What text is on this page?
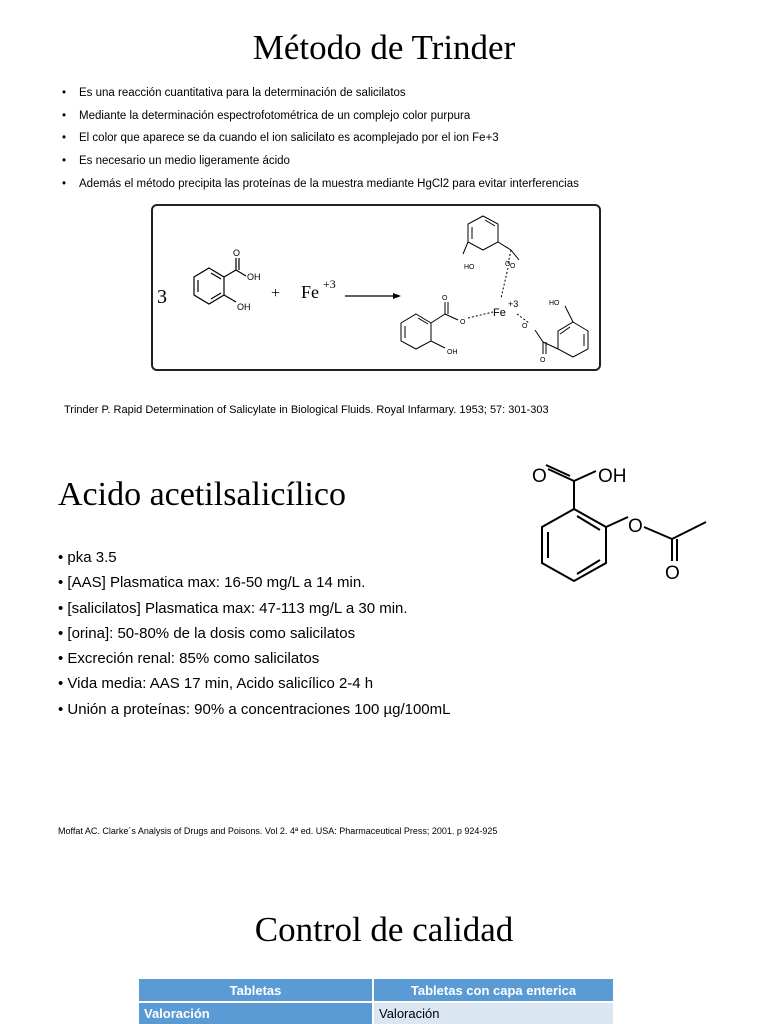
Método de Trinder
•	Es una reacción cuantitativa para la determinación de salicilatos
•	Mediante la determinación espectrofotométrica de un complejo color purpura
•	El color que aparece se da cuando el ion salicilato es acomplejado por el ion Fe+3
•	Es necesario un medio ligeramente ácido
•	Además el método precipita las proteínas de la muestra mediante HgCl2 para evitar interferencias
3
O
OH
OH
+ Fe +3
HO	O
O
Fe
+3
O
O
OH
HO
O
O
Trinder P. Rapid Determination of Salicylate in Biological Fluids. Royal Infarmary. 1953; 57: 301-303
Acido acetilsalicílico	O	OH
O
O
• pka 3.5
• [AAS] Plasmatica max: 16-50 mg/L a 14 min.
• [salicilatos] Plasmatica max: 47-113 mg/L a 30 min.
• [orina]: 50-80% de la dosis como salicilatos
• Excreción renal: 85% como salicilatos
• Vida media: AAS 17 min, Acido salicílico 2-4 h
• Unión a proteínas: 90% a concentraciones 100 µg/100mL
Moffat AC. Clarke´s Analysis of Drugs and Poisons. Vol 2. 4ª ed. USA: Pharmaceutical Press; 2001. p 924-925
Control de calidad
Tabletas	Tabletas con capa enterica
Valoración	Valoración
